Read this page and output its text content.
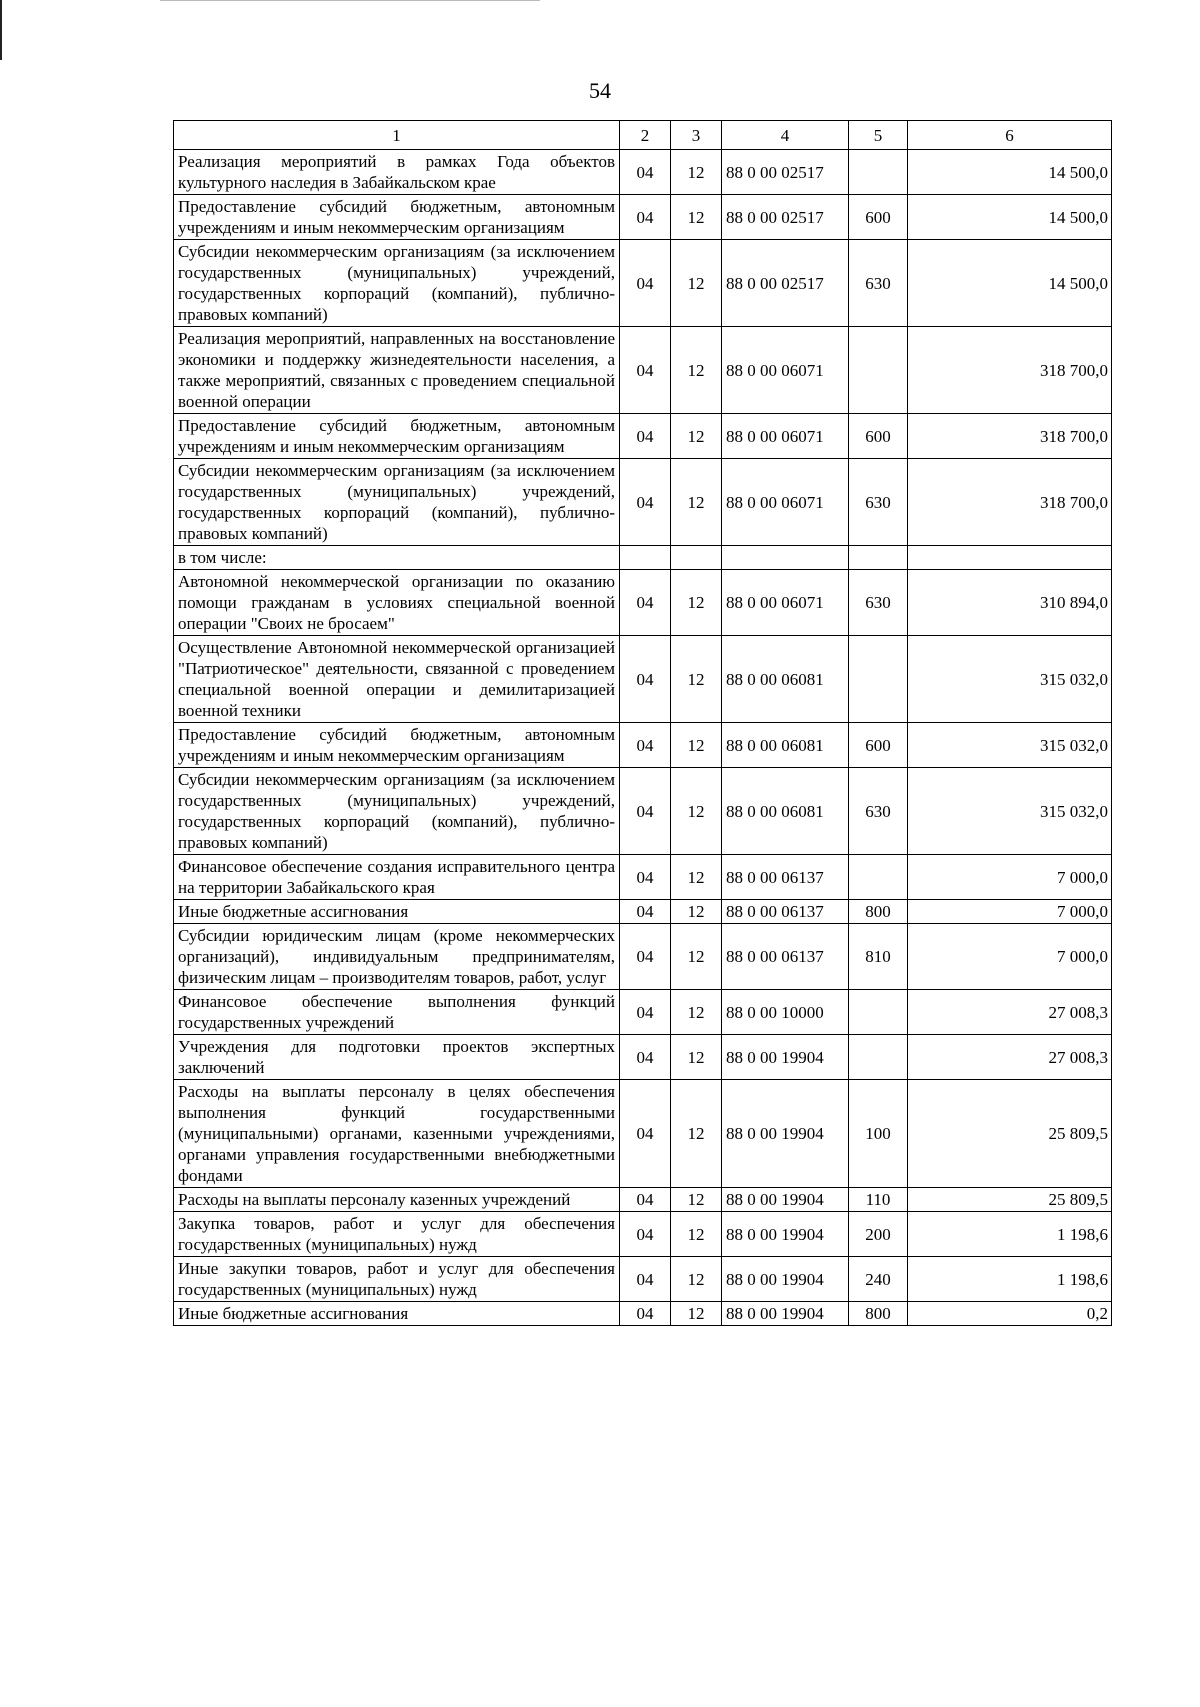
54
1	2	3	4	5	6
Реализация мероприятий в рамках Года объектов культурного наследия в Забайкальском крае	04	12	88 0 00 02517		14 500,0
Предоставление субсидий бюджетным, автономным учреждениям и иным некоммерческим организациям	04	12	88 0 00 02517	600	14 500,0
Субсидии некоммерческим организациям (за исключением государственных (муниципальных) учреждений, государственных корпораций (компаний), публично-правовых компаний)	04	12	88 0 00 02517	630	14 500,0
Реализация мероприятий, направленных на восстановление экономики и поддержку жизнедеятельности населения, а также мероприятий, связанных с проведением специальной военной операции	04	12	88 0 00 06071		318 700,0
Предоставление субсидий бюджетным, автономным учреждениям и иным некоммерческим организациям	04	12	88 0 00 06071	600	318 700,0
Субсидии некоммерческим организациям (за исключением государственных (муниципальных) учреждений, государственных корпораций (компаний), публично-правовых компаний)	04	12	88 0 00 06071	630	318 700,0
в том числе:					
Автономной некоммерческой организации по оказанию помощи гражданам в условиях специальной военной операции "Своих не бросаем"	04	12	88 0 00 06071	630	310 894,0
Осуществление Автономной некоммерческой организацией "Патриотическое" деятельности, связанной с проведением специальной военной операции и демилитаризацией военной техники	04	12	88 0 00 06081		315 032,0
Предоставление субсидий бюджетным, автономным учреждениям и иным некоммерческим организациям	04	12	88 0 00 06081	600	315 032,0
Субсидии некоммерческим организациям (за исключением государственных (муниципальных) учреждений, государственных корпораций (компаний), публично-правовых компаний)	04	12	88 0 00 06081	630	315 032,0
Финансовое обеспечение создания исправительного центра на территории Забайкальского края	04	12	88 0 00 06137		7 000,0
Иные бюджетные ассигнования	04	12	88 0 00 06137	800	7 000,0
Субсидии юридическим лицам (кроме некоммерческих организаций), индивидуальным предпринимателям, физическим лицам – производителям товаров, работ, услуг	04	12	88 0 00 06137	810	7 000,0
Финансовое обеспечение выполнения функций государственных учреждений	04	12	88 0 00 10000		27 008,3
Учреждения для подготовки проектов экспертных заключений	04	12	88 0 00 19904		27 008,3
Расходы на выплаты персоналу в целях обеспечения выполнения функций государственными (муниципальными) органами, казенными учреждениями, органами управления государственными внебюджетными фондами	04	12	88 0 00 19904	100	25 809,5
Расходы на выплаты персоналу казенных учреждений	04	12	88 0 00 19904	110	25 809,5
Закупка товаров, работ и услуг для обеспечения государственных (муниципальных) нужд	04	12	88 0 00 19904	200	1 198,6
Иные закупки товаров, работ и услуг для обеспечения государственных (муниципальных) нужд	04	12	88 0 00 19904	240	1 198,6
Иные бюджетные ассигнования	04	12	88 0 00 19904	800	0,2
